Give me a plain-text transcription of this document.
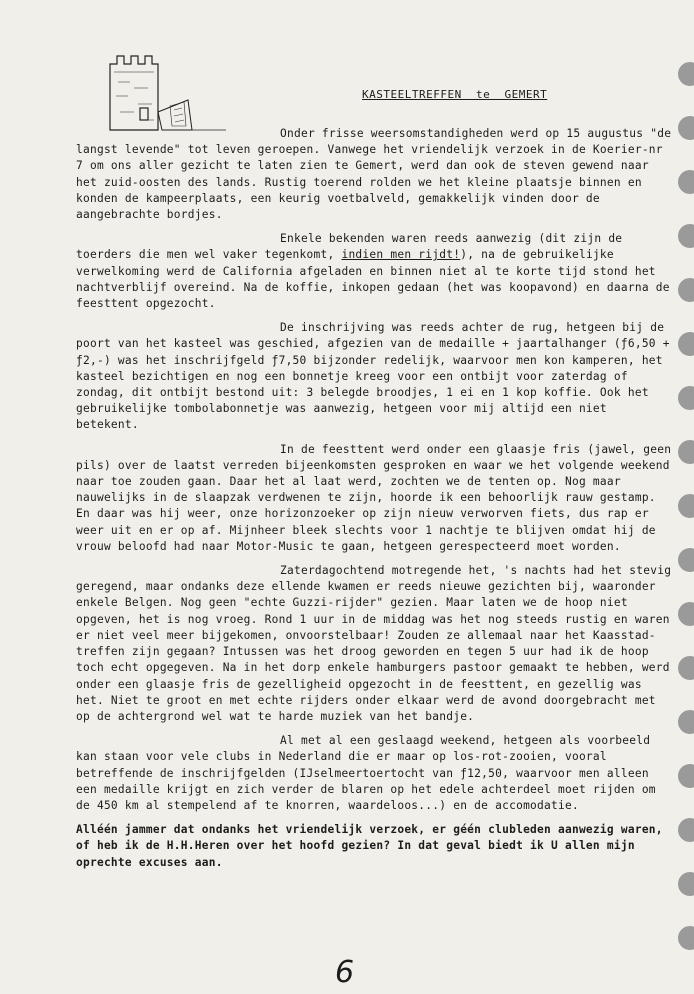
KASTEELTREFFEN  te  GEMERT

Onder frisse weersomstandigheden werd op 15 augustus "de langst levende" tot leven geroepen. Vanwege het vriendelijk verzoek in de Koerier-nr 7 om ons aller gezicht te laten zien te Gemert, werd dan ook de steven gewend naar het zuid-oosten des lands. Rustig toerend rolden we het kleine plaatsje binnen en konden de kampeerplaats, een keurig voetbalveld, gemakkelijk vinden door de aangebrachte bordjes.

Enkele bekenden waren reeds aanwezig (dit zijn de toerders die men wel vaker tegenkomt, indien men rijdt!), na de gebruikelijke verwelkoming werd de California afgeladen en binnen niet al te korte tijd stond het nachtverblijf overeind. Na de koffie, inkopen gedaan (het was koopavond) en daarna de feesttent opgezocht.

De inschrijving was reeds achter de rug, hetgeen bij de poort van het kasteel was geschied, afgezien van de medaille + jaartalhanger (ƒ6,50 + ƒ2,-) was het inschrijfgeld ƒ7,50 bijzonder redelijk, waarvoor men kon kamperen, het kasteel bezichtigen en nog een bonnetje kreeg voor een ontbijt voor zaterdag of zondag, dit ontbijt bestond uit: 3 belegde broodjes, 1 ei en 1 kop koffie. Ook het gebruikelijke tombolabonnetje was aanwezig, hetgeen voor mij altijd een niet betekent.

In de feesttent werd onder een glaasje fris (jawel, geen pils) over de laatst verreden bijeenkomsten gesproken en waar we het volgende weekend naar toe zouden gaan. Daar het al laat werd, zochten we de tenten op. Nog maar nauwelijks in de slaapzak verdwenen te zijn, hoorde ik een behoorlijk rauw gestamp. En daar was hij weer, onze horizonzoeker op zijn nieuw verworven fiets, dus rap er weer uit en er op af. Mijnheer bleek slechts voor 1 nachtje te blijven omdat hij de vrouw beloofd had naar Motor-Music te gaan, hetgeen gerespecteerd moet worden.

Zaterdagochtend motregende het, 's nachts had het stevig geregend, maar ondanks deze ellende kwamen er reeds nieuwe gezichten bij, waaronder enkele Belgen. Nog geen "echte Guzzi-rijder" gezien. Maar laten we de hoop niet opgeven, het is nog vroeg. Rond 1 uur in de middag was het nog steeds rustig en waren er niet veel meer bijgekomen, onvoorstelbaar! Zouden ze allemaal naar het Kaasstad-treffen zijn gegaan? Intussen was het droog geworden en tegen 5 uur had ik de hoop toch echt opgegeven. Na in het dorp enkele hamburgers pastoor gemaakt te hebben, werd onder een glaasje fris de gezelligheid opgezocht in de feesttent, en gezellig was het. Niet te groot en met echte rijders onder elkaar werd de avond doorgebracht met op de achtergrond wel wat te harde muziek van het bandje.

Al met al een geslaagd weekend, hetgeen als voorbeeld kan staan voor vele clubs in Nederland die er maar op los-rot-zooien, vooral betreffende de inschrijfgelden (IJselmeertoertocht van ƒ12,50, waarvoor men alleen een medaille krijgt en zich verder de blaren op het edele achterdeel moet rijden om de 450 km al stempelend af te knorren, waardeloos...) en de accomodatie.

Alléén jammer dat ondanks het vriendelijk verzoek, er géén clubleden aanwezig waren, of heb ik de H.H.Heren over het hoofd gezien? In dat geval biedt ik U allen mijn oprechte excuses aan.

6
